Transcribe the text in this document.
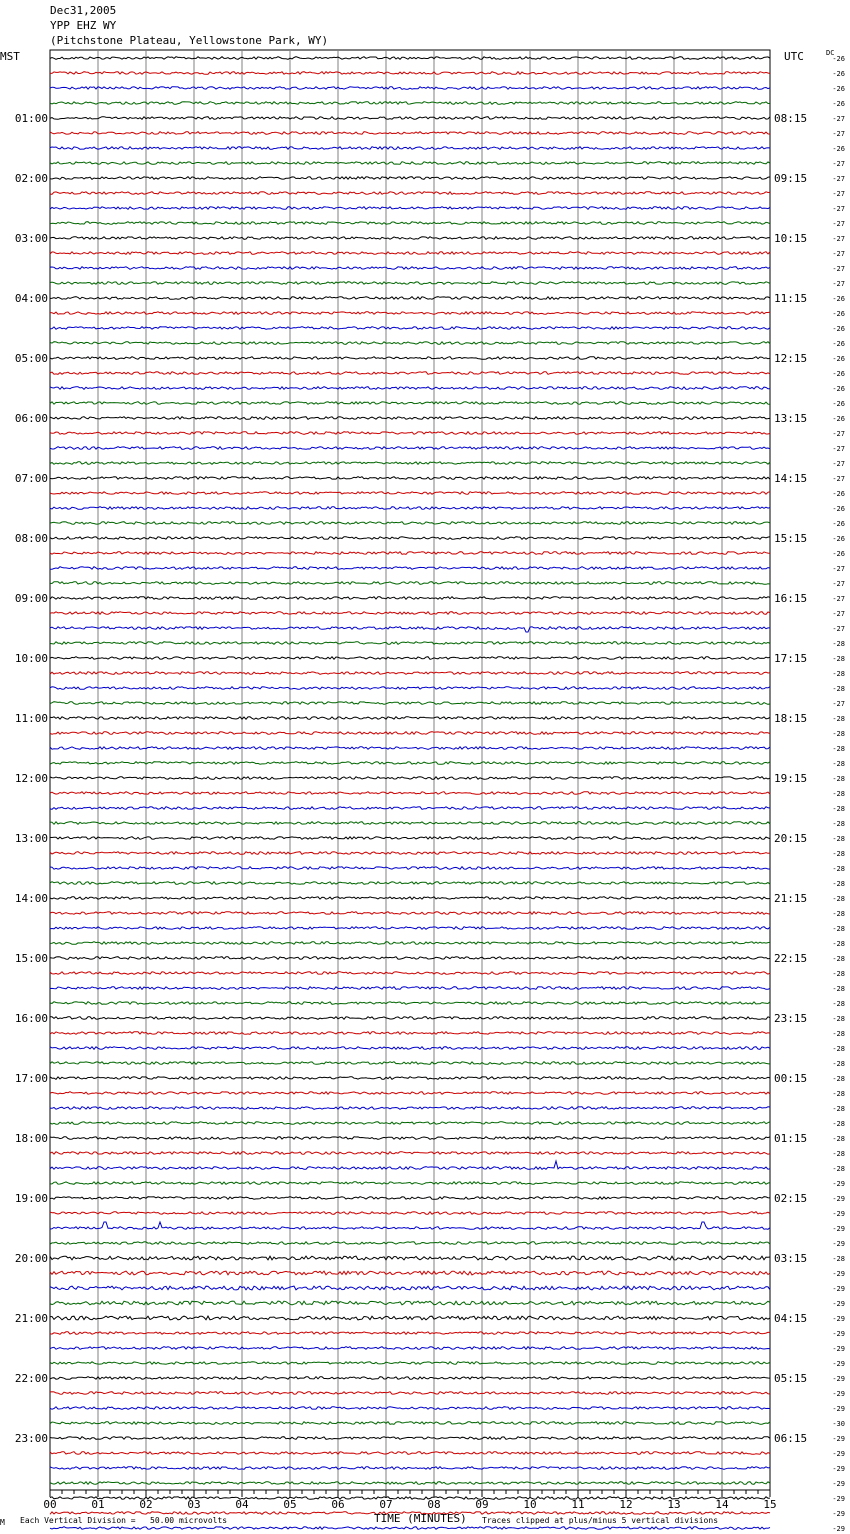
Dec31,2005
YPP EHZ WY
(Pitchstone Plateau, Yellowstone Park, WY)
MST	UTC	DC
-26
-26
-26
-26
-27
-27
-26
-27
-27
-27
-27
-27
-27
-27
-27
-27
-26
-26
-26
-26
-26
-26
-26
-26
-26
-27
-27
-27
-27
-26
-26
-26
-26
-26
-27
-27
-27
-27
-27
-28
-28
-28
-28
-27
-28
-28
-28
-28
-28
-28
-28
-28
-28
-28
-28
-28
-28
-28
-28
-28
-28
-28
-28
-28
-28
-28
-28
-28
-28
-28
-28
-28
-28
-28
-28
-29
-29
-29
-29
-29
-28
-29
-29
-29
-29
-29
-29
-29
-29
-29
-29
-30
-29
-29
-29
-29
-29
-29
-29
01:00
02:00
03:00
04:00
05:00
06:00
07:00
08:00
09:00
10:00
11:00
12:00
13:00
14:00
15:00
16:00
17:00
18:00
19:00
20:00
21:00
22:00
23:00
08:15
09:15
10:15
11:15
12:15
13:15
14:15
15:15
16:15
17:15
18:15
19:15
20:15
21:15
22:15
23:15
00:15
01:15
02:15
03:15
04:15
05:15
06:15
00	01	02	03	04	05	06	07	08	09	10	11	12	13	14	15
M Each Vertical Division =   50.00 microvolts	TIME (MINUTES) Traces clipped at plus/minus 5 vertical divisions
